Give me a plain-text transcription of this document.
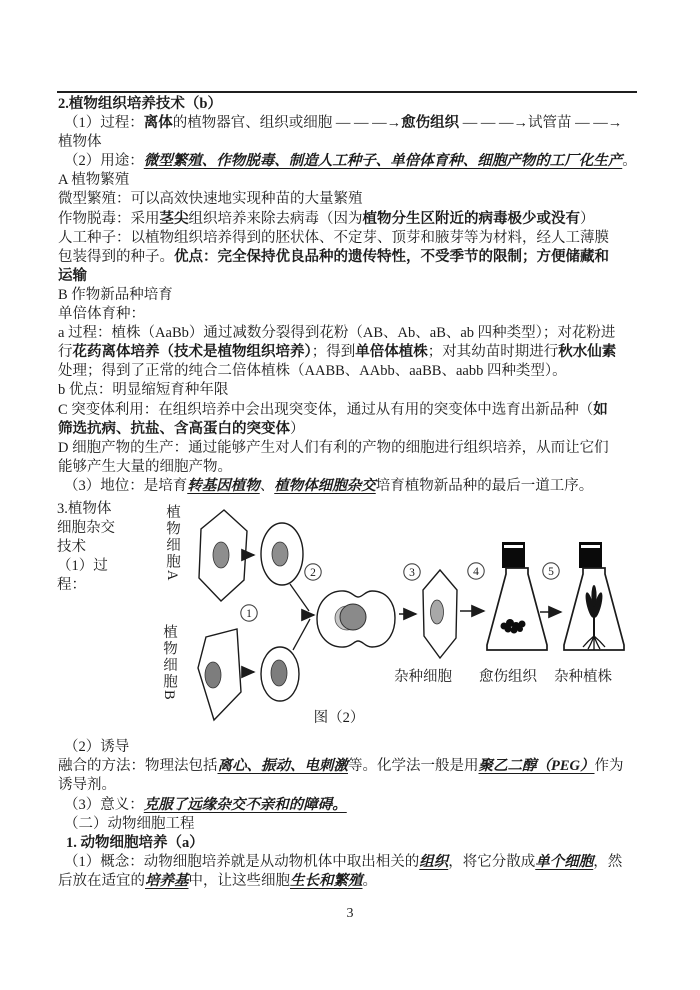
2.植物组织培养技术（b）
（1）过程：离体的植物器官、组织或细胞 — — —→愈伤组织 — — —→试管苗 — —→
植物体
（2）用途：微型繁殖、作物脱毒、制造人工种子、单倍体育种、细胞产物的工厂化生产。
A 植物繁殖
微型繁殖：可以高效快速地实现种苗的大量繁殖
作物脱毒：采用茎尖组织培养来除去病毒（因为植物分生区附近的病毒极少或没有）
人工种子：以植物组织培养得到的胚状体、不定芽、顶芽和腋芽等为材料，经人工薄膜
包装得到的种子。优点：完全保持优良品种的遗传特性，不受季节的限制；方便储藏和
运输
B 作物新品种培育
单倍体育种：
a 过程：植株（AaBb）通过减数分裂得到花粉（AB、Ab、aB、ab 四种类型）；对花粉进
行花药离体培养（技术是植物组织培养）；得到单倍体植株；对其幼苗时期进行秋水仙素
处理；得到了正常的纯合二倍体植株（AABB、AAbb、aaBB、aabb 四种类型）。
b 优点：明显缩短育种年限
C 突变体利用：在组织培养中会出现突变体，通过从有用的突变体中选育出新品种（如
筛选抗病、抗盐、含高蛋白的突变体）
D 细胞产物的生产：通过能够产生对人们有利的产物的细胞进行组织培养，从而让它们
能够产生大量的细胞产物。
（3）地位：是培育转基因植物、植物体细胞杂交培育植物新品种的最后一道工序。
3.植物体
细胞杂交
技术
（1）过
程：
植物细胞A
植物细胞B
1
2	3	4	5
杂种细胞 愈伤组织 杂种植株
图（2）
（2）诱导
融合的方法：物理法包括离心、振动、电刺激等。化学法一般是用聚乙二醇（PEG）作为
诱导剂。
（3）意义：克服了远缘杂交不亲和的障碍。
（二）动物细胞工程
1. 动物细胞培养（a）
（1）概念：动物细胞培养就是从动物机体中取出相关的组织，将它分散成单个细胞，然
后放在适宜的培养基中，让这些细胞生长和繁殖。
3
